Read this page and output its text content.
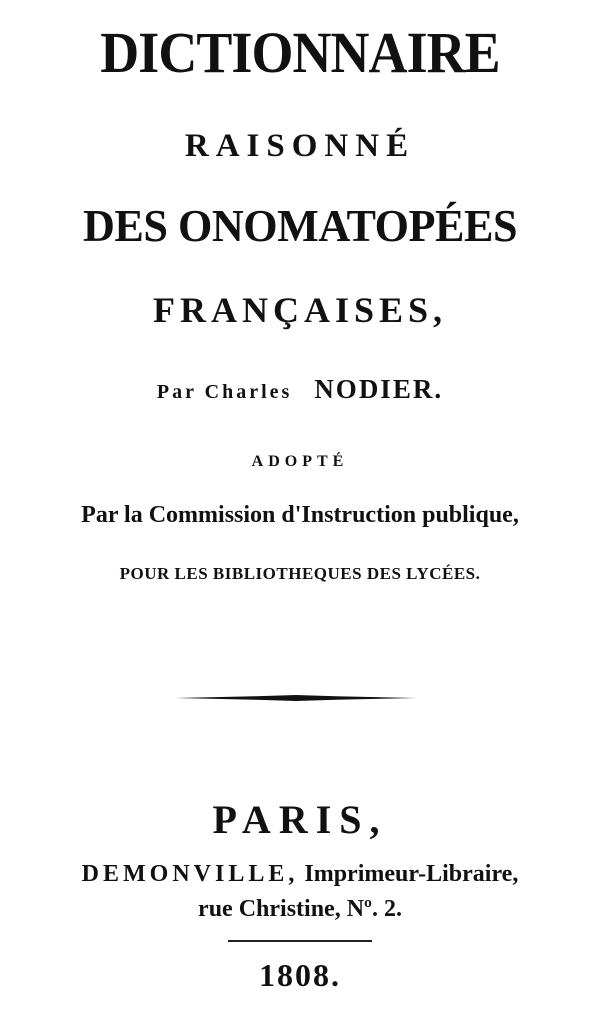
DICTIONNAIRE
RAISONNÉ
DES ONOMATOPÉES
FRANÇAISES,
Par Charles NODIER.
ADOPTÉ
Par la Commission d'Instruction publique,
POUR LES BIBLIOTHEQUES DES LYCÉES.
PARIS,
DEMONVILLE, Imprimeur-Libraire,
rue Christine, Nº. 2.
1808.
